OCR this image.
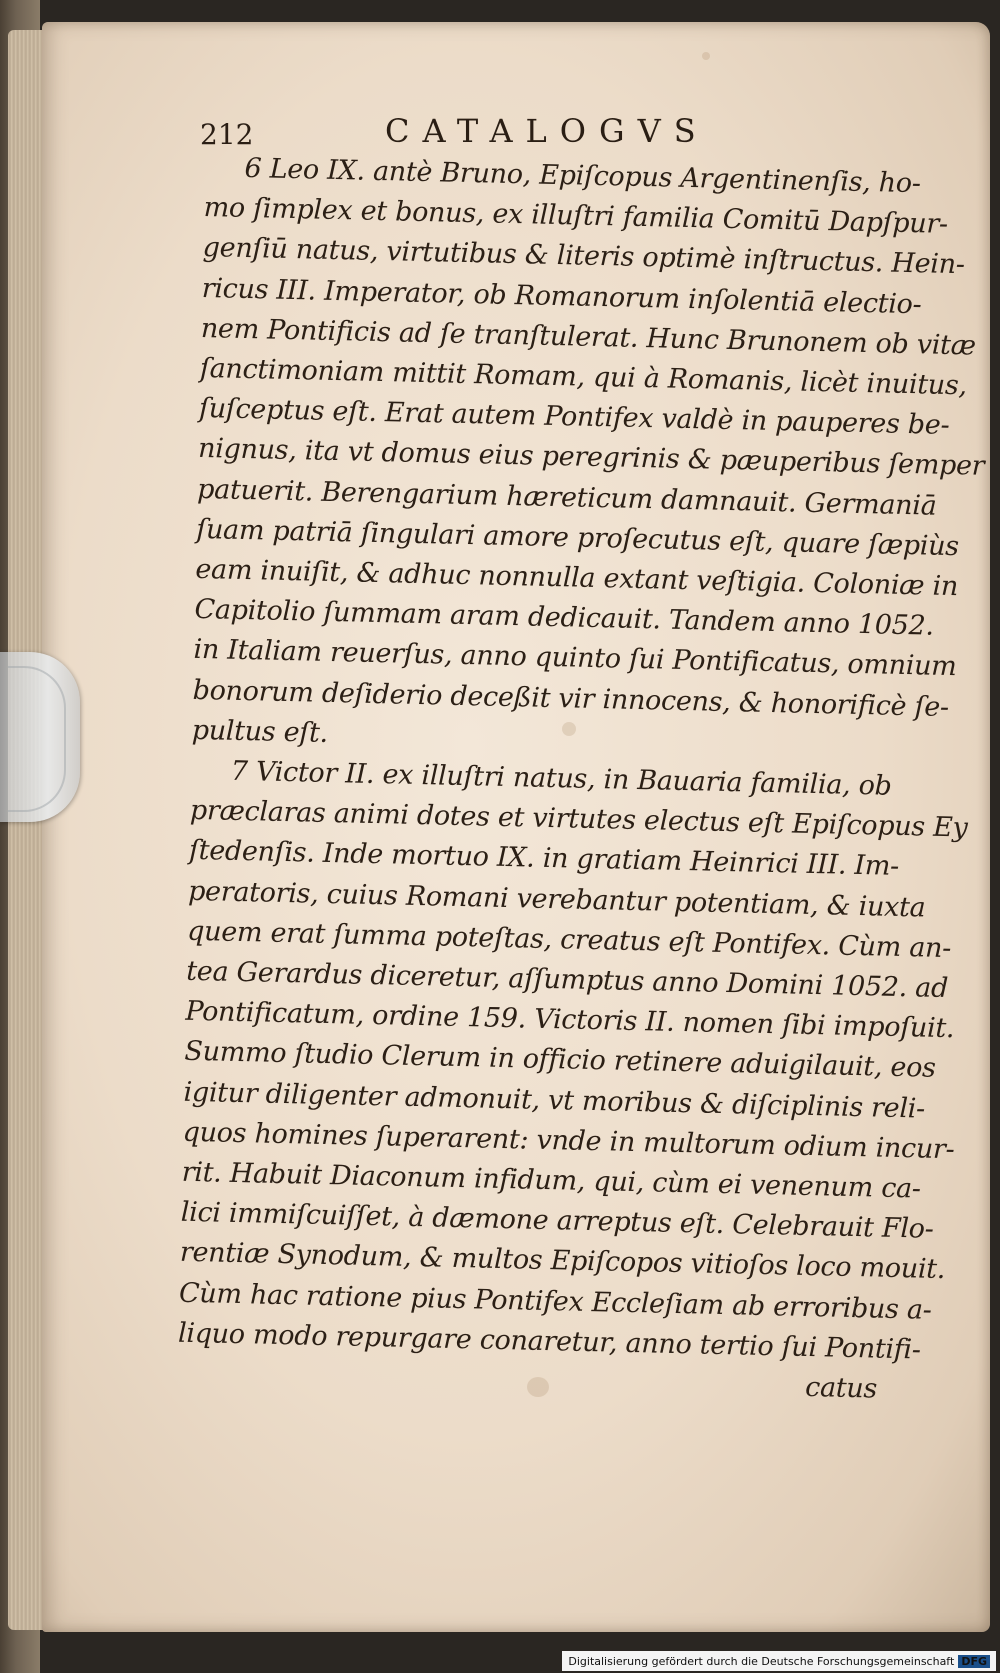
212	CATALOGVS
6 Leo IX. antè Bruno, Epiſcopus Argentinenſis, ho-
mo ſimplex et bonus, ex illuſtri familia Comitū Dapſpur-
genſiū natus, virtutibus & literis optimè inſtructus. Hein-
ricus III. Imperator, ob Romanorum inſolentiā electio-
nem Pontificis ad ſe tranſtulerat. Hunc Brunonem ob vitæ
ſanctimoniam mittit Romam, qui à Romanis, licèt inuitus,
ſuſceptus eſt. Erat autem Pontifex valdè in pauperes be-
nignus, ita vt domus eius peregrinis & pæuperibus ſemper
patuerit. Berengarium hæreticum damnauit. Germaniā
ſuam patriā ſingulari amore proſecutus eſt, quare ſæpiùs
eam inuiſit, & adhuc nonnulla extant veſtigia. Coloniæ in
Capitolio ſummam aram dedicauit. Tandem anno 1052.
in Italiam reuerſus, anno quinto ſui Pontificatus, omnium
bonorum deſiderio deceßit vir innocens, & honorificè ſe-
pultus eſt.
7 Victor II. ex illuſtri natus, in Bauaria familia, ob
præclaras animi dotes et virtutes electus eſt Epiſcopus Ey
ſtedenſis. Inde mortuo IX. in gratiam Heinrici III. Im-
peratoris, cuius Romani verebantur potentiam, & iuxta
quem erat ſumma poteſtas, creatus eſt Pontifex. Cùm an-
tea Gerardus diceretur, aſſumptus anno Domini 1052. ad
Pontificatum, ordine 159. Victoris II. nomen ſibi impoſuit.
Summo ſtudio Clerum in officio retinere aduigilauit, eos
igitur diligenter admonuit, vt moribus & diſciplinis reli-
quos homines ſuperarent: vnde in multorum odium incur-
rit. Habuit Diaconum infidum, qui, cùm ei venenum ca-
lici immiſcuiſſet, à dæmone arreptus eſt. Celebrauit Flo-
rentiæ Synodum, & multos Epiſcopos vitioſos loco mouit.
Cùm hac ratione pius Pontifex Eccleſiam ab erroribus a-
liquo modo repurgare conaretur, anno tertio ſui Pontifi-
catus
Digitalisierung gefördert durch die Deutsche Forschungsgemeinschaft DFG
